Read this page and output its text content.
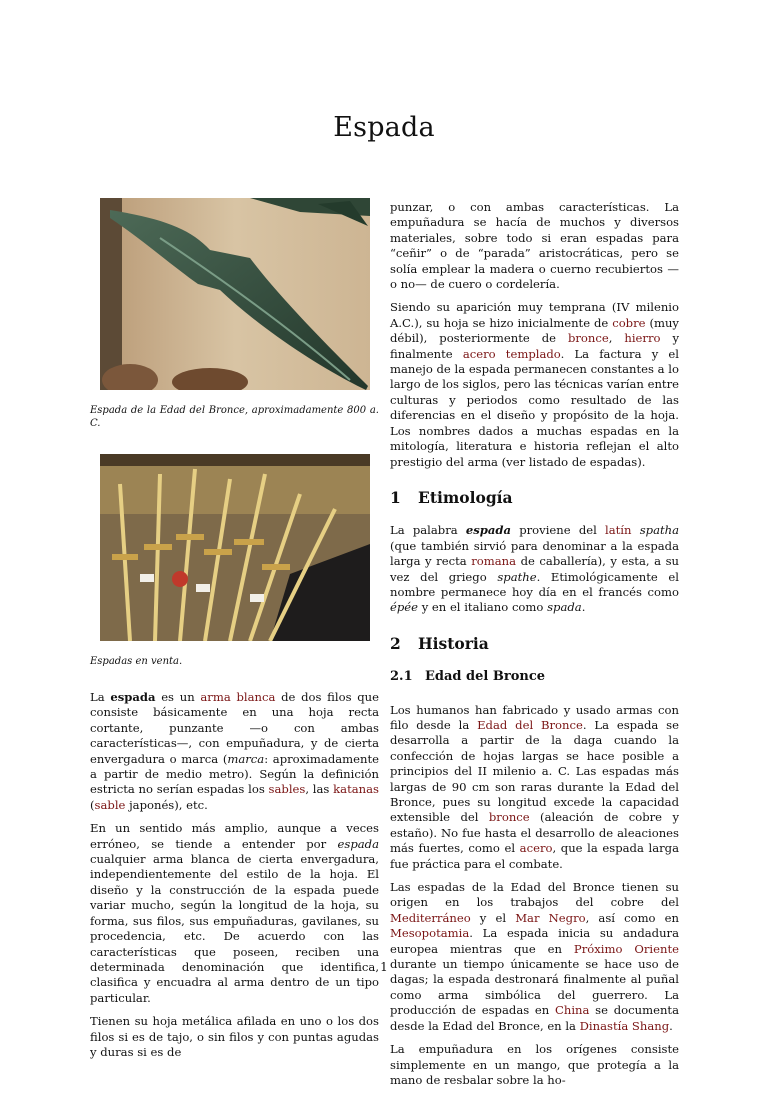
Espada

Espada de la Edad del Bronce, aproximadamente 800 a. C.

Espadas en venta.

La espada es un arma blanca de dos filos que consiste básicamente en una hoja recta cortante, punzante —o con ambas características—, con empuñadura, y de cierta envergadura o marca (marca: aproximadamente a partir de medio metro). Según la definición estricta no serían espadas los sables, las katanas (sable japonés), etc.

En un sentido más amplio, aunque a veces erróneo, se tiende a entender por espada cualquier arma blanca de cierta envergadura, independientemente del estilo de la hoja. El diseño y la construcción de la espada puede variar mucho, según la longitud de la hoja, su forma, sus filos, sus empuñaduras, gavilanes, su procedencia, etc. De acuerdo con las características que poseen, reciben una determinada denominación que identifica, clasifica y encuadra al arma dentro de un tipo particular.

Tienen su hoja metálica afilada en uno o los dos filos si es de tajo, o sin filos y con puntas agudas y duras si es de

punzar, o con ambas características. La empuñadura se hacía de muchos y diversos materiales, sobre todo si eran espadas para “ceñir” o de “parada” aristocráticas, pero se solía emplear la madera o cuerno recubiertos —o no— de cuero o cordelería.

Siendo su aparición muy temprana (IV milenio A.C.), su hoja se hizo inicialmente de cobre (muy débil), posteriormente de bronce, hierro y finalmente acero templado. La factura y el manejo de la espada permanecen constantes a lo largo de los siglos, pero las técnicas varían entre culturas y periodos como resultado de las diferencias en el diseño y propósito de la hoja. Los nombres dados a muchas espadas en la mitología, literatura e historia reflejan el alto prestigio del arma (ver listado de espadas).

1 Etimología

La palabra espada proviene del latín spatha (que también sirvió para denominar a la espada larga y recta romana de caballería), y esta, a su vez del griego spathe. Etimológicamente el nombre permanece hoy día en el francés como épée y en el italiano como spada.

2 Historia
2.1 Edad del Bronce

Los humanos han fabricado y usado armas con filo desde la Edad del Bronce. La espada se desarrolla a partir de la daga cuando la confección de hojas largas se hace posible a principios del II milenio a. C. Las espadas más largas de 90 cm son raras durante la Edad del Bronce, pues su longitud excede la capacidad extensible del bronce (aleación de cobre y estaño). No fue hasta el desarrollo de aleaciones más fuertes, como el acero, que la espada larga fue práctica para el combate.

Las espadas de la Edad del Bronce tienen su origen en los trabajos del cobre del Mediterráneo y el Mar Negro, así como en Mesopotamia. La espada inicia su andadura europea mientras que en Próximo Oriente durante un tiempo únicamente se hace uso de dagas; la espada destronará finalmente al puñal como arma simbólica del guerrero. La producción de espadas en China se documenta desde la Edad del Bronce, en la Dinastía Shang.

La empuñadura en los orígenes consiste simplemente en un mango, que protegía a la mano de resbalar sobre la ho-

1
